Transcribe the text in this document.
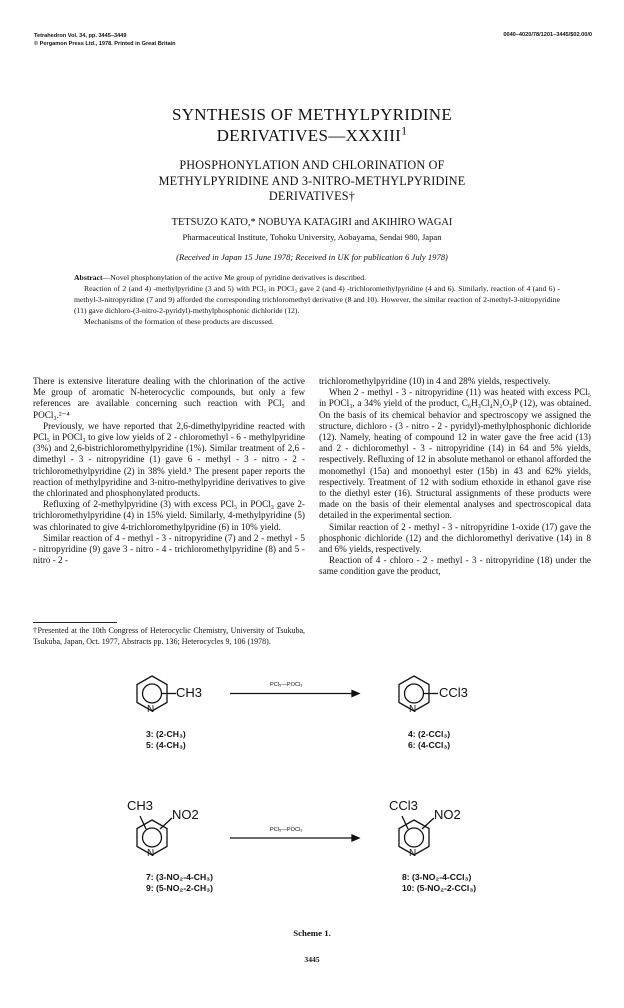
Tetrahedron Vol. 34, pp. 3445–3449
© Pergamon Press Ltd., 1978. Printed in Great Britain
0040–4020/78/1201–3445/$02.00/0
SYNTHESIS OF METHYLPYRIDINE
DERIVATIVES—XXXIII$^1$
PHOSPHONYLATION AND CHLORINATION OF
METHYLPYRIDINE AND 3-NITRO-METHYLPYRIDINE
DERIVATIVES†
TETSUZO KATO,* NOBUYA KATAGIRI and AKIHIRO WAGAI
Pharmaceutical Institute, Tohoku University, Aobayama, Sendai 980, Japan
(Received in Japan 15 June 1978; Received in UK for publication 6 July 1978)

Abstract—Novel phosphonylation of the active Me group of pyridine derivatives is described.

Reaction of 2 (and 4) -methylpyridine (3 and 5) with PCl₅ in POCl₃ gave 2 (and 4) -trichloromethylpyridine (4 and 6). Similarly, reaction of 4 (and 6) -methyl-3-nitropyridine (7 and 9) afforded the corresponding trichloromethyl derivative (8 and 10). However, the similar reaction of 2-methyl-3-nitropyridine (11) gave dichloro-(3-nitro-2-pyridyl)-methylphosphonic dichloride (12).

Mechanisms of the formation of these products are discussed.

There is extensive literature dealing with the chlorination of the active Me group of aromatic N-heterocyclic compounds, but only a few references are available concerning such reaction with PCl₅ and POCl₃.²⁻⁴

Previously, we have reported that 2,6-dimethylpyridine reacted with PCl₅ in POCl₃ to give low yields of 2 - chloromethyl - 6 - methylpyridine (3%) and 2,6-bistrichloromethylpyridine (1%). Similar treatment of 2,6 - dimethyl - 3 - nitropyridine (1) gave 6 - methyl - 3 - nitro - 2 - trichloromethylpyridine (2) in 38% yield.⁵ The present paper reports the reaction of methylpyridine and 3-nitro-methylpyridine derivatives to give the chlorinated and phosphonylated products.

Refluxing of 2-methylpyridine (3) with excess PCl₅ in POCl₃ gave 2-trichloromethylpyridine (4) in 15% yield. Similarly, 4-methylpyridine (5) was chlorinated to give 4-trichloromethylpyridine (6) in 10% yield.

Similar reaction of 4 - methyl - 3 - nitropyridine (7) and 2 - methyl - 5 - nitropyridine (9) gave 3 - nitro - 4 - trichloromethylpyridine (8) and 5 - nitro - 2 -

trichloromethylpyridine (10) in 4 and 28% yields, respectively.

When 2 - methyl - 3 - nitropyridine (11) was heated with excess PCl₅ in POCl₃, a 34% yield of the product, C₆H₃Cl₄N₂O₃P (12), was obtained. On the basis of its chemical behavior and spectroscopy we assigned the structure, dichloro - (3 - nitro - 2 - pyridyl)-methylphosphonic dichloride (12). Namely, heating of compound 12 in water gave the free acid (13) and 2 - dichloromethyl - 3 - nitropyridine (14) in 64 and 5% yields, respectively. Refluxing of 12 in absolute methanol or ethanol afforded the monomethyl (15a) and monoethyl ester (15b) in 43 and 62% yields, respectively. Treatment of 12 with sodium ethoxide in ethanol gave rise to the diethyl ester (16). Structural assignments of these products were made on the basis of their elemental analyses and spectroscopical data detailed in the experimental section.

Similar reaction of 2 - methyl - 3 - nitropyridine 1-oxide (17) gave the phosphonic dichloride (12) and the dichloromethyl derivative (14) in 8 and 6% yields, respectively.

Reaction of 4 - chloro - 2 - methyl - 3 - nitropyridine (18) under the same condition gave the product,

†Presented at the 10th Congress of Heterocyclic Chemistry, University of Tsukuba, Tsukuba, Japan, Oct. 1977, Abstracts pp. 136; Heterocycles 9, 106 (1978).
N	N
N	N
CH3	CCl3
CH3
NO2
CCl3
NO2
PCl₅—POCl₃
PCl₅—POCl₃
3: (2-CH₃)
5: (4-CH₃)
4: (2-CCl₃)
6: (4-CCl₃)
7: (3-NO₂-4-CH₃)
9: (5-NO₂-2-CH₃)
8: (3-NO₂-4-CCl₃)
10: (5-NO₂-2-CCl₃)
Scheme 1.
3445
